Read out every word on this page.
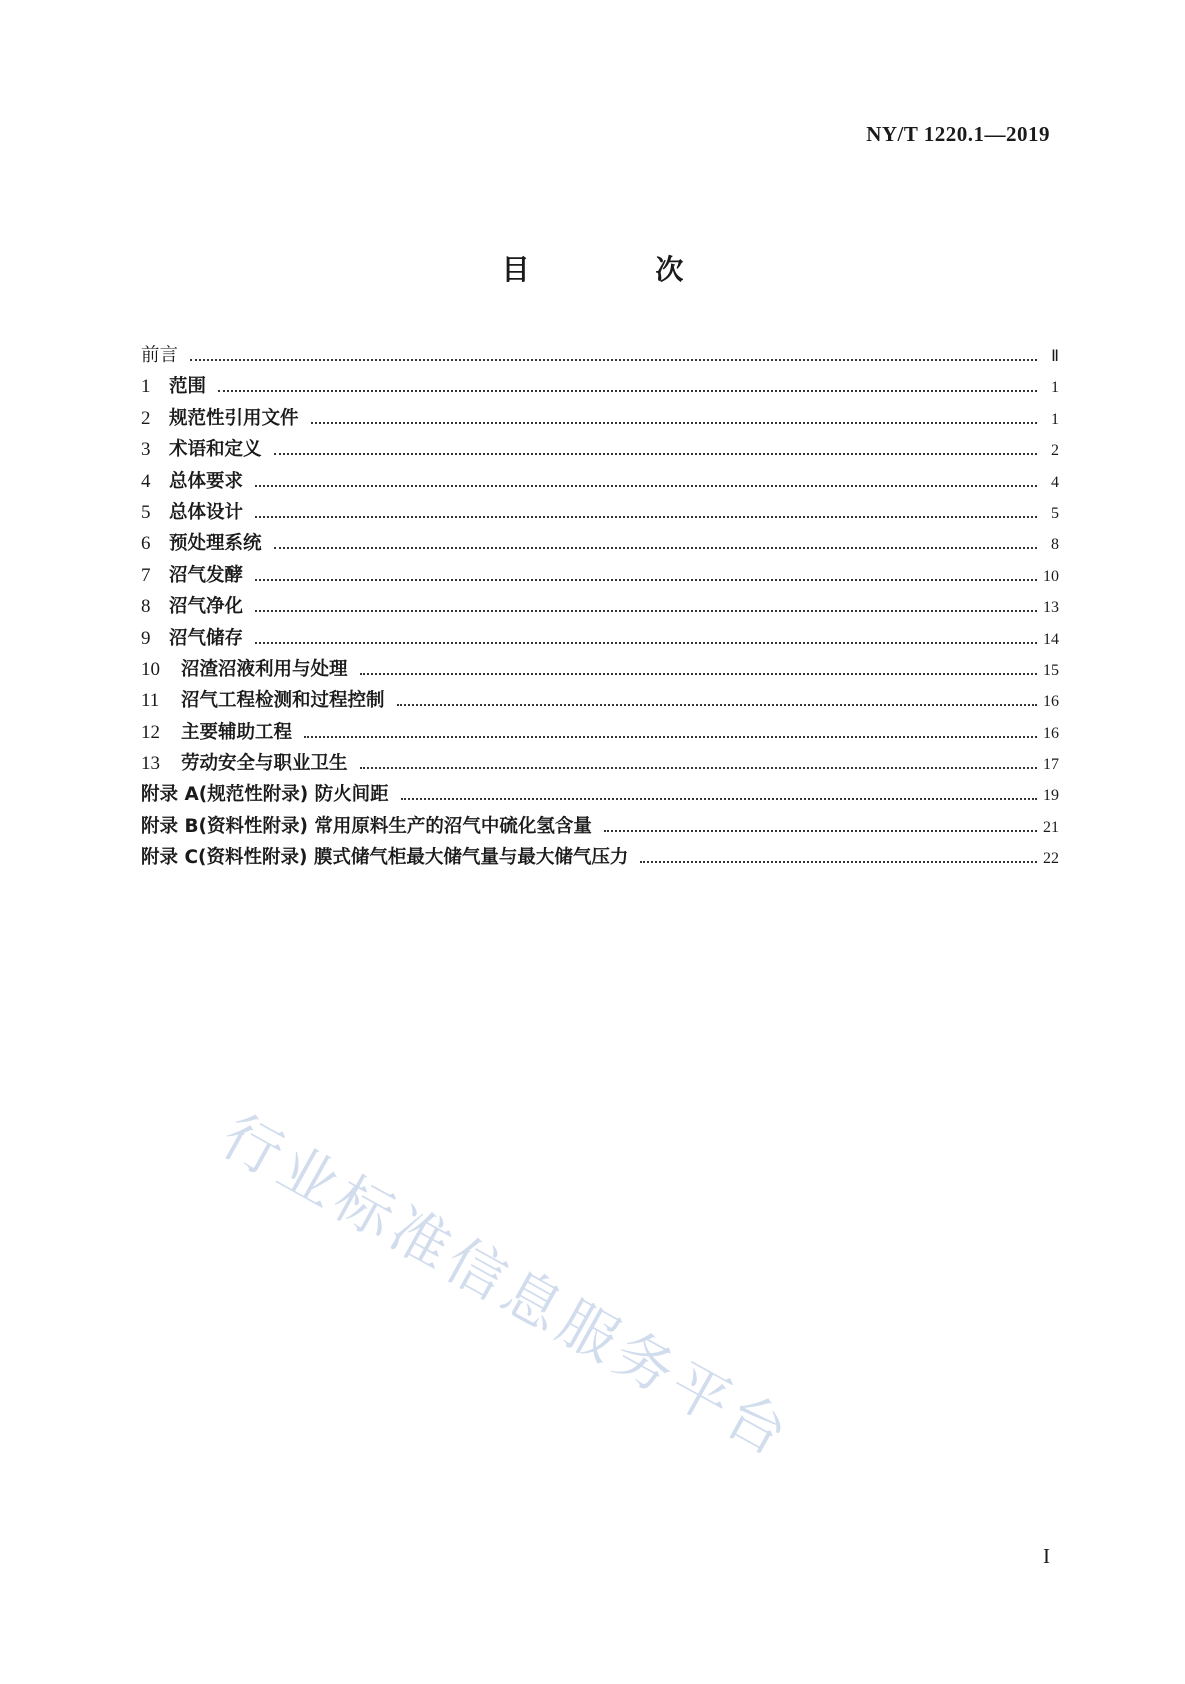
NY/T 1220.1—2019
目 次
前言	Ⅱ
1	范围	1
2	规范性引用文件	1
3	术语和定义	2
4	总体要求	4
5	总体设计	5
6	预处理系统	8
7	沼气发酵	10
8	沼气净化	13
9	沼气储存	14
10	沼渣沼液利用与处理	15
11	沼气工程检测和过程控制	16
12	主要辅助工程	16
13	劳动安全与职业卫生	17
附录 A(规范性附录) 防火间距	19
附录 B(资料性附录) 常用原料生产的沼气中硫化氢含量	21
附录 C(资料性附录) 膜式储气柜最大储气量与最大储气压力	22
行业标准信息服务平台
I
